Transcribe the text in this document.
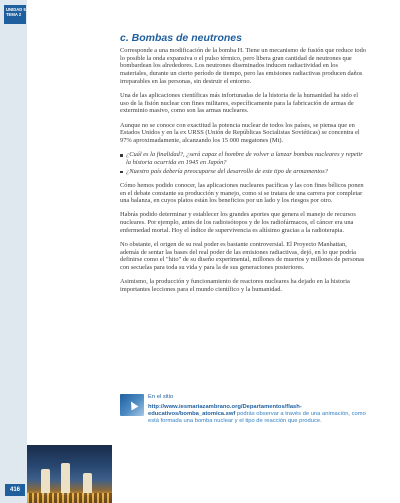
UNIDAD 5
TEMA 2
416
c. Bombas de neutrones

Corresponde a una modificación de la bomba H. Tiene un mecanismo de fusión que reduce todo lo posible la onda expansiva o el pulso térmico, pero libera gran cantidad de neutrones que bombardean los alrededores. Los neutrones diseminados inducen radiactividad en los materiales, durante un cierto período de tiempo, pero las emisiones radiactivas producen daños irreparables en las personas, sin destruir el entorno.

Una de las aplicaciones científicas más infortunadas de la historia de la humanidad ha sido el uso de la fisión nuclear con fines militares, específicamente para la fabricación de armas de exterminio masivo, como son las armas nucleares.

Aunque no se conoce con exactitud la potencia nuclear de todos los países, se piensa que en Estados Unidos y en la ex URSS (Unión de Repúblicas Socialistas Soviéticas) se concentra el 97% aproximadamente, alcanzando los 15 000 megatones (Mt).

¿Cuál es la finalidad?, ¿será capaz el hombre de volver a lanzar bombas nucleares y repetir la historia ocurrida en 1945 en Japón?
¿Nuestro país debería preocuparse del desarrollo de este tipo de armamentos?

Cómo hemos podido conocer, las aplicaciones nucleares pacíficas y las con fines bélicos ponen en el debate constante su producción y manejo, como si se tratara de una carrera por completar una balanza, en cuyos platos están los beneficios por un lado y los riesgos por otro.

Habrás podido determinar y establecer los grandes aportes que genera el manejo de recursos nucleares. Por ejemplo, antes de los radioisótopos y de los radiofármacos, el cáncer era una enfermedad mortal. Hoy el índice de supervivencia es altísimo gracias a la radioterapia.

No obstante, el origen de su real poder es bastante controversial. El Proyecto Manhattan, además de sentar las bases del real poder de las emisiones radiactivas, dejó, en lo que podría definirse como el "hito" de su diseño experimental, millones de muertos y millones de personas con secuelas para toda su vida y para la de sus generaciones posteriores.

Asimismo, la producción y funcionamiento de reactores nucleares ha dejado en la historia importantes lecciones para el mundo científico y la humanidad.

En el sitio
http://www.iesmariazambrano.org/Departamentos/flash-educativos/bomba_atomica.swf podrás observar a través de una animación, como está formada una bomba nuclear y el tipo de reacción que produce.
